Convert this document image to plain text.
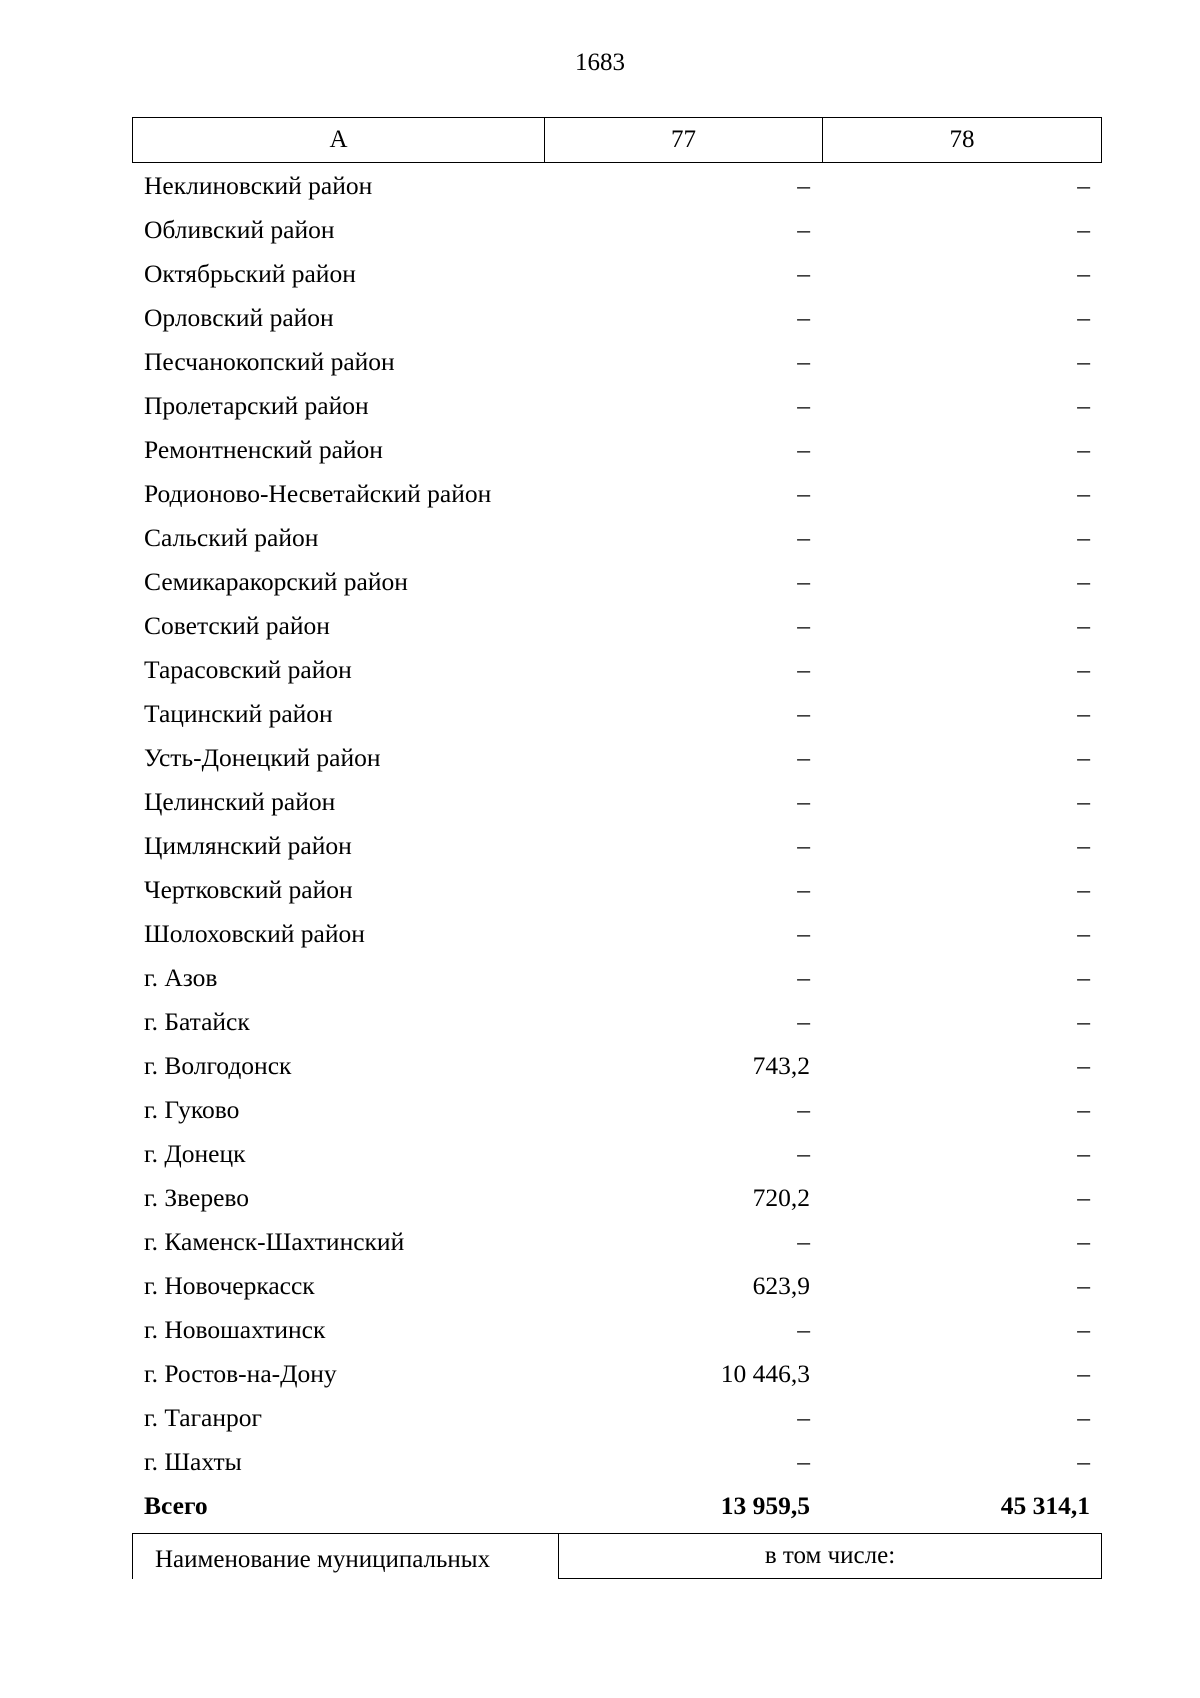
1683
А	77	78
Неклиновский район	–	–
Обливский район	–	–
Октябрьский район	–	–
Орловский район	–	–
Песчанокопский район	–	–
Пролетарский район	–	–
Ремонтненский район	–	–
Родионово-Несветайский район	–	–
Сальский район	–	–
Семикаракорский район	–	–
Советский район	–	–
Тарасовский район	–	–
Тацинский район	–	–
Усть-Донецкий район	–	–
Целинский район	–	–
Цимлянский район	–	–
Чертковский район	–	–
Шолоховский район	–	–
г. Азов	–	–
г. Батайск	–	–
г. Волгодонск	743,2	–
г. Гуково	–	–
г. Донецк	–	–
г. Зверево	720,2	–
г. Каменск-Шахтинский	–	–
г. Новочеркасск	623,9	–
г. Новошахтинск	–	–
г. Ростов-на-Дону	10 446,3	–
г. Таганрог	–	–
г. Шахты	–	–
Всего	13 959,5	45 314,1
Наименование муниципальных	в том числе:
